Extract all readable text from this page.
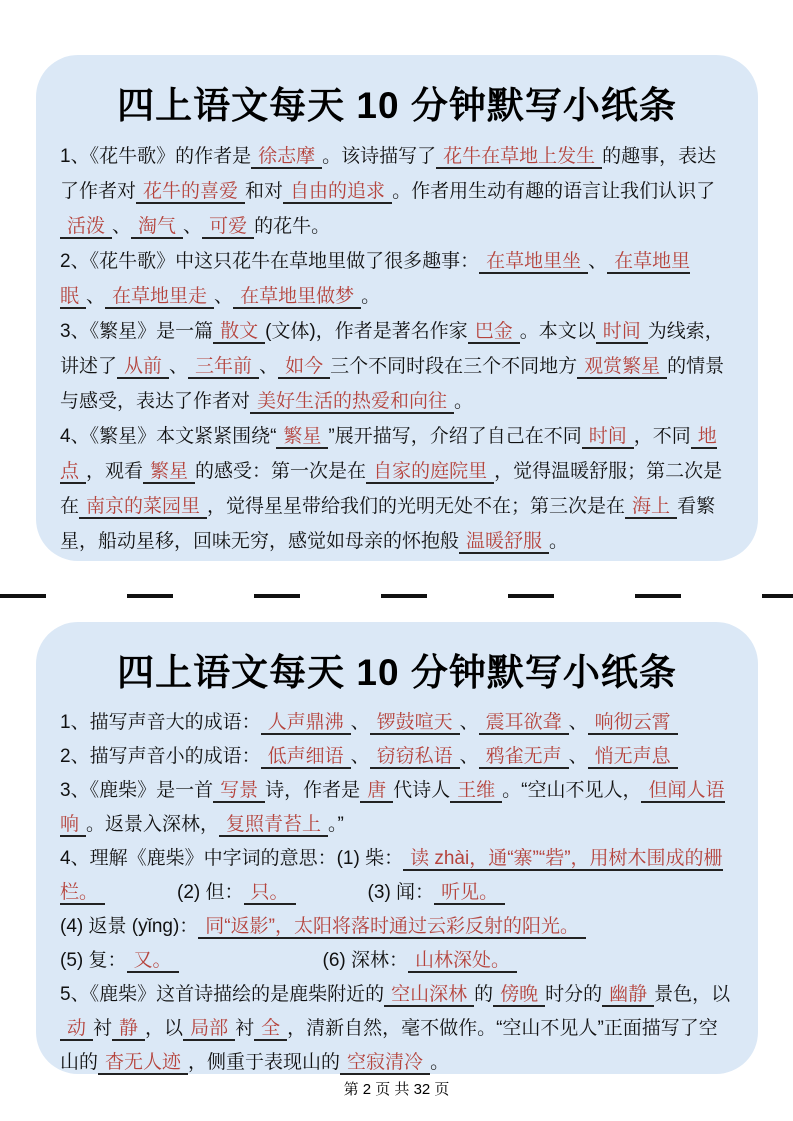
四上语文每天 10 分钟默写小纸条

1、《花牛歌》的作者是 徐志摩 。该诗描写了 花牛在草地上发生 的趣事，表达了作者对 花牛的喜爱 和对 自由的追求 。作者用生动有趣的语言让我们认识了活泼 、 淘气 、 可爱 的花牛。

2、《花牛歌》中这只花牛在草地里做了很多趣事： 在草地里坐 、 在草地里眠 、 在草地里走 、 在草地里做梦 。

3、《繁星》是一篇 散文 (文体)，作者是著名作家 巴金 。本文以 时间 为线索，讲述了 从前 、 三年前 、 如今 三个不同时段在三个不同地方 观赏繁星 的情景与感受，表达了作者对 美好生活的热爱和向往 。

4、《繁星》本文紧紧围绕“ 繁星 ”展开描写，介绍了自己在不同 时间 ，不同 地点 ，观看 繁星 的感受：第一次是在 自家的庭院里 ，觉得温暖舒服；第二次是在 南京的菜园里 ，觉得星星带给我们的光明无处不在；第三次是在 海上 看繁星，船动星移，回味无穷，感觉如母亲的怀抱般 温暖舒服 。

四上语文每天 10 分钟默写小纸条

1、描写声音大的成语： 人声鼎沸 、 锣鼓喧天 、 震耳欲聋 、 响彻云霄

2、描写声音小的成语： 低声细语 、 窃窃私语 、 鸦雀无声 、 悄无声息

3、《鹿柴》是一首 写景 诗，作者是 唐 代诗人 王维 。“空山不见人， 但闻人语响 。返景入深林， 复照青苔上 。”

4、理解《鹿柴》中字词的意思：(1) 柴： 读 zhài，通“寨”“砦”，用树木围成的栅栏。	(2) 但： 只。	(3) 闻： 听见。

(4) 返景 (yǐng)： 同“返影”，太阳将落时通过云彩反射的阳光。

(5) 复： 又。	(6) 深林： 山林深处。

5、《鹿柴》这首诗描绘的是鹿柴附近的 空山深林 的 傍晚 时分的 幽静 景色，以动 衬 静 ，以 局部 衬 全 ，清新自然，毫不做作。“空山不见人”正面描写了空山的 杳无人迹 ，侧重于表现山的 空寂清冷 。

第 2 页 共 32 页
